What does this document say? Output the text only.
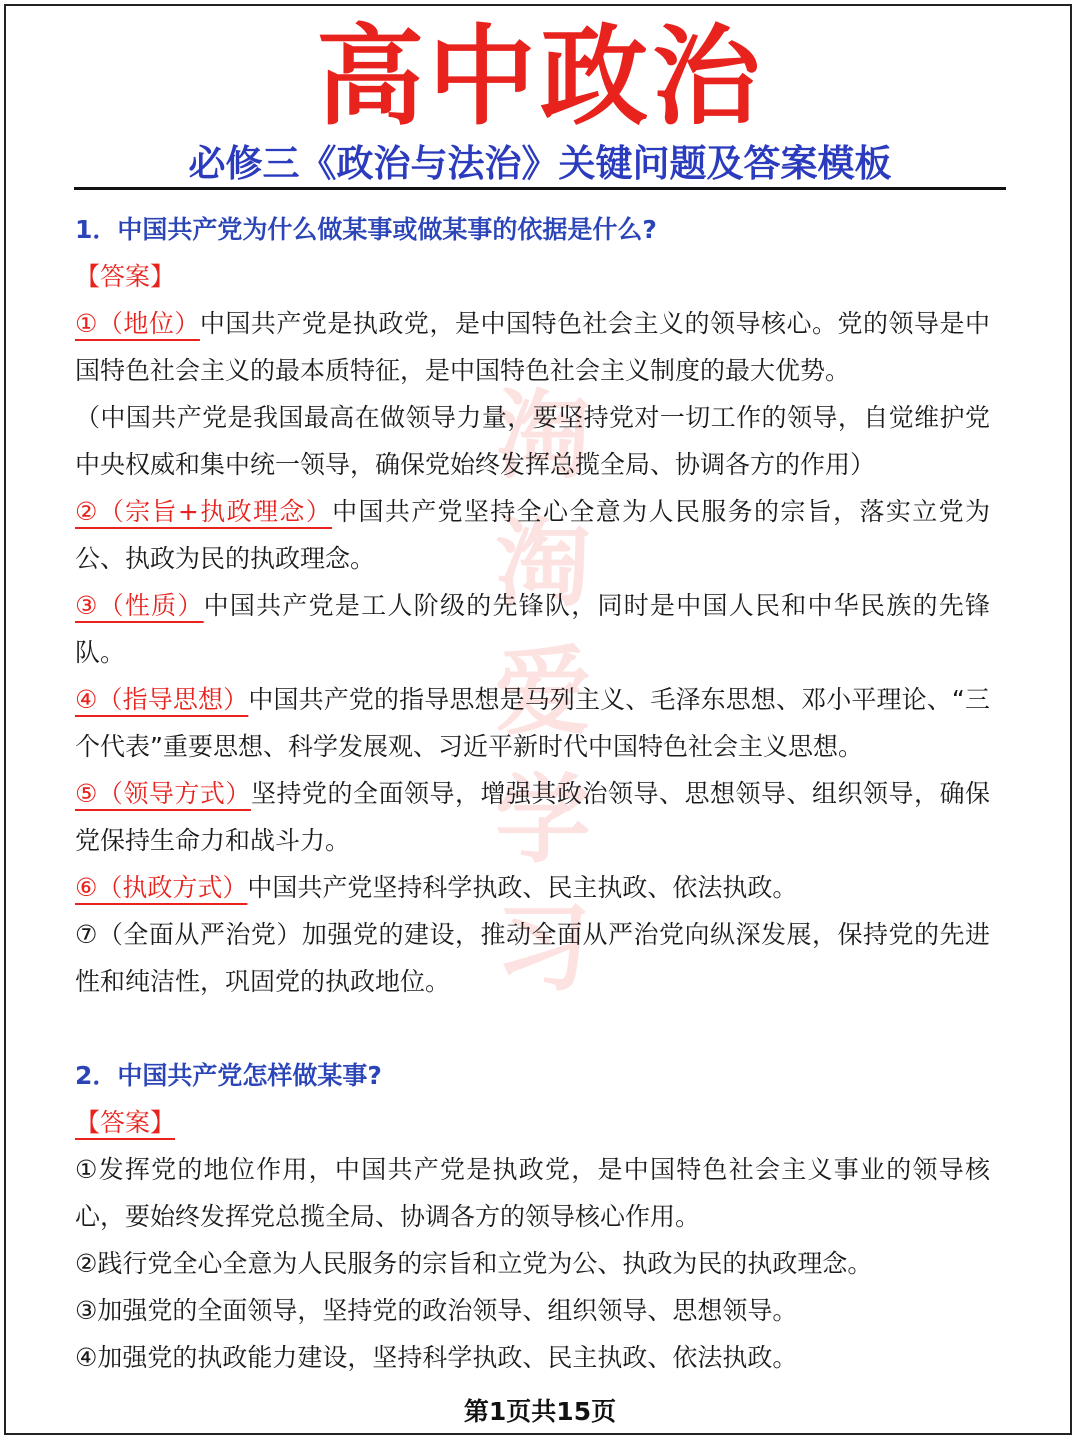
高中政治
必修三《政治与法治》关键问题及答案模板
淘
淘
爱
学
习
1．中国共产党为什么做某事或做某事的依据是什么?
【答案】

①（地位）中国共产党是执政党，是中国特色社会主义的领导核心。党的领导是中国特色社会主义的最本质特征，是中国特色社会主义制度的最大优势。

（中国共产党是我国最高在做领导力量，要坚持党对一切工作的领导，自觉维护党中央权威和集中统一领导，确保党始终发挥总揽全局、协调各方的作用）

②（宗旨+执政理念）中国共产党坚持全心全意为人民服务的宗旨，落实立党为公、执政为民的执政理念。

③（性质）中国共产党是工人阶级的先锋队，同时是中国人民和中华民族的先锋队。

④（指导思想）中国共产党的指导思想是马列主义、毛泽东思想、邓小平理论、“三个代表”重要思想、科学发展观、习近平新时代中国特色社会主义思想。

⑤（领导方式）坚持党的全面领导，增强其政治领导、思想领导、组织领导，确保党保持生命力和战斗力。

⑥（执政方式）中国共产党坚持科学执政、民主执政、依法执政。

⑦（全面从严治党）加强党的建设，推动全面从严治党向纵深发展，保持党的先进性和纯洁性，巩固党的执政地位。

2．中国共产党怎样做某事?
【答案】

①发挥党的地位作用，中国共产党是执政党，是中国特色社会主义事业的领导核心，要始终发挥党总揽全局、协调各方的领导核心作用。

②践行党全心全意为人民服务的宗旨和立党为公、执政为民的执政理念。

③加强党的全面领导，坚持党的政治领导、组织领导、思想领导。

④加强党的执政能力建设，坚持科学执政、民主执政、依法执政。

第1页共15页
